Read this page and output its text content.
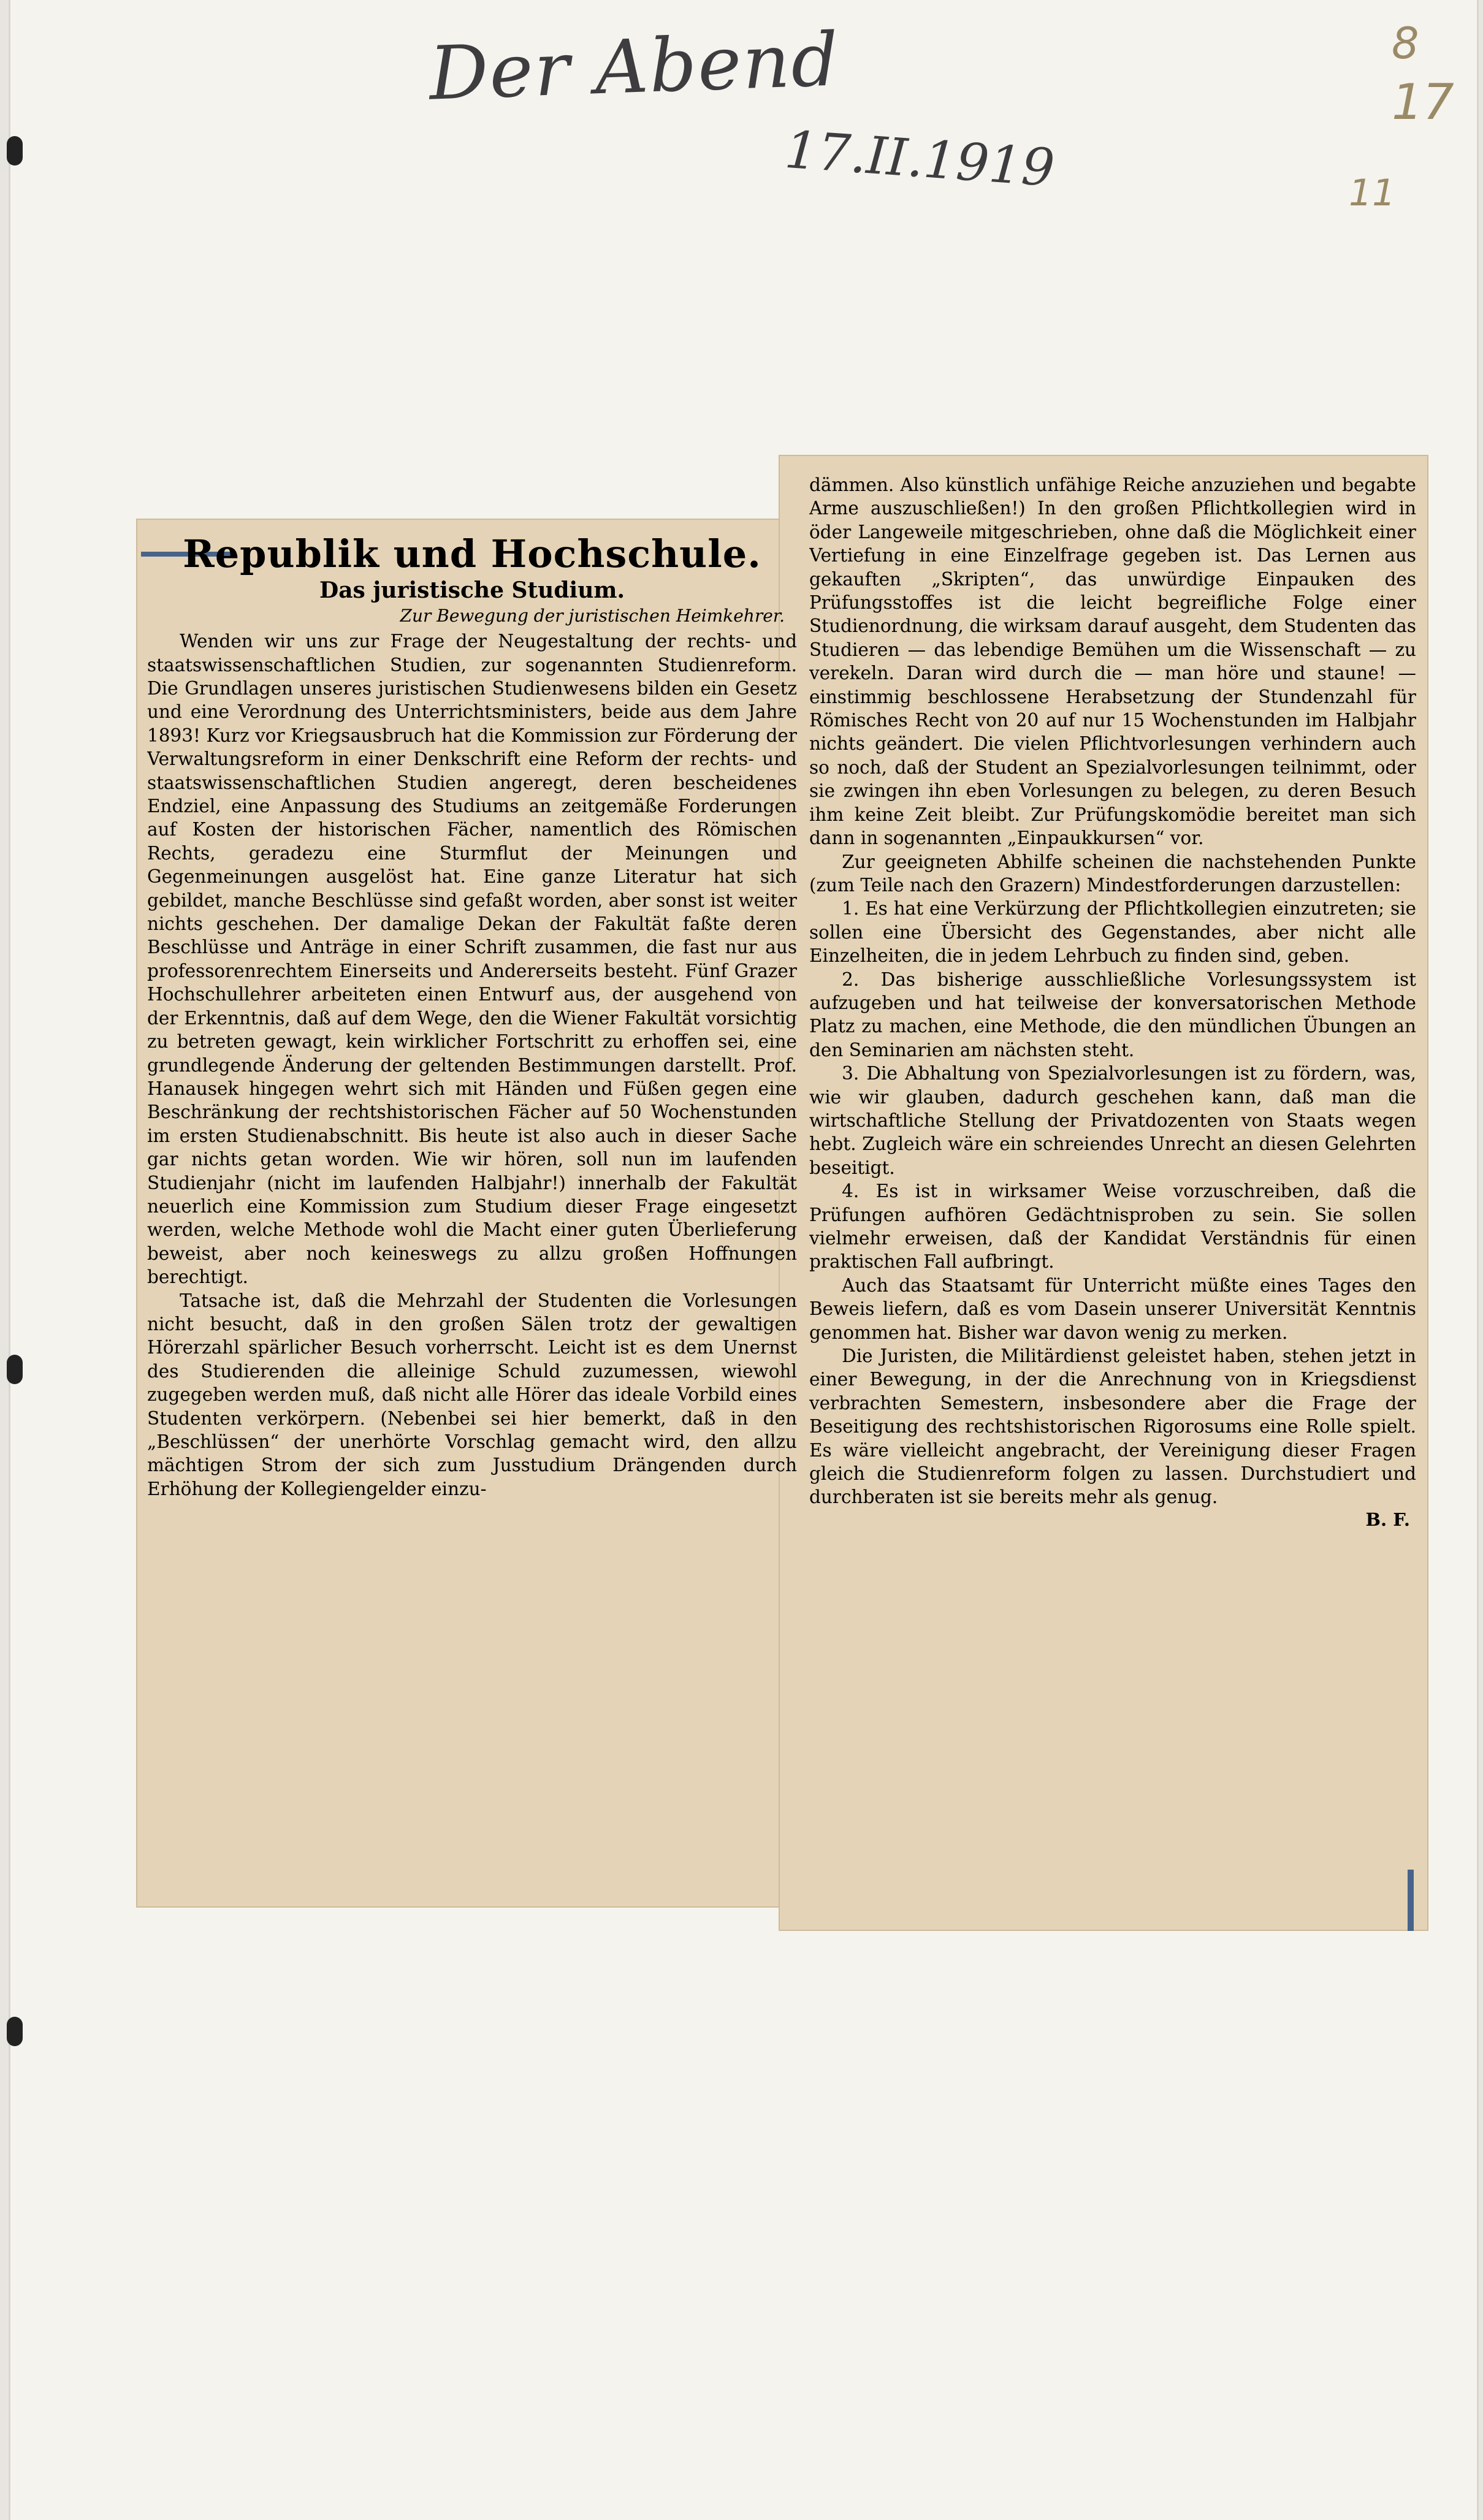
Der Abend
17.II.1919
8
17
11
Republik und Hochschule.
Das juristische Studium.
Zur Bewegung der juristischen Heimkehrer.

Wenden wir uns zur Frage der Neugestaltung der rechts- und staatswissenschaftlichen Studien, zur sogenannten Studienreform. Die Grundlagen unseres juristischen Studienwesens bilden ein Gesetz und eine Verordnung des Unterrichtsministers, beide aus dem Jahre 1893! Kurz vor Kriegsausbruch hat die Kommission zur Förderung der Verwaltungsreform in einer Denkschrift eine Reform der rechts- und staatswissenschaftlichen Studien angeregt, deren bescheidenes Endziel, eine Anpassung des Studiums an zeitgemäße Forderungen auf Kosten der historischen Fächer, namentlich des Römischen Rechts, geradezu eine Sturmflut der Meinungen und Gegenmeinungen ausgelöst hat. Eine ganze Literatur hat sich gebildet, manche Beschlüsse sind gefaßt worden, aber sonst ist weiter nichts geschehen. Der damalige Dekan der Fakultät faßte deren Beschlüsse und Anträge in einer Schrift zusammen, die fast nur aus professorenrechtem Einerseits und Andererseits besteht. Fünf Grazer Hochschullehrer arbeiteten einen Entwurf aus, der ausgehend von der Erkenntnis, daß auf dem Wege, den die Wiener Fakultät vorsichtig zu betreten gewagt, kein wirklicher Fortschritt zu erhoffen sei, eine grundlegende Änderung der geltenden Bestimmungen darstellt. Prof. Hanausek hingegen wehrt sich mit Händen und Füßen gegen eine Beschränkung der rechtshistorischen Fächer auf 50 Wochenstunden im ersten Studienabschnitt. Bis heute ist also auch in dieser Sache gar nichts getan worden. Wie wir hören, soll nun im laufenden Studienjahr (nicht im laufenden Halbjahr!) innerhalb der Fakultät neuerlich eine Kommission zum Studium dieser Frage eingesetzt werden, welche Methode wohl die Macht einer guten Überlieferung beweist, aber noch keineswegs zu allzu großen Hoffnungen berechtigt.

Tatsache ist, daß die Mehrzahl der Studenten die Vorlesungen nicht besucht, daß in den großen Sälen trotz der gewaltigen Hörerzahl spärlicher Besuch vorherrscht. Leicht ist es dem Unernst des Studierenden die alleinige Schuld zuzumessen, wiewohl zugegeben werden muß, daß nicht alle Hörer das ideale Vorbild eines Studenten verkörpern. (Nebenbei sei hier bemerkt, daß in den „Beschlüssen“ der unerhörte Vorschlag gemacht wird, den allzu mächtigen Strom der sich zum Jusstudium Drängenden durch Erhöhung der Kollegiengelder einzu-

dämmen. Also künstlich unfähige Reiche anzuziehen und begabte Arme auszuschließen!) In den großen Pflichtkollegien wird in öder Langeweile mitgeschrieben, ohne daß die Möglichkeit einer Vertiefung in eine Einzelfrage gegeben ist. Das Lernen aus gekauften „Skripten“, das unwürdige Einpauken des Prüfungsstoffes ist die leicht begreifliche Folge einer Studienordnung, die wirksam darauf ausgeht, dem Studenten das Studieren — das lebendige Bemühen um die Wissenschaft — zu verekeln. Daran wird durch die — man höre und staune! — einstimmig beschlossene Herabsetzung der Stundenzahl für Römisches Recht von 20 auf nur 15 Wochenstunden im Halbjahr nichts geändert. Die vielen Pflichtvorlesungen verhindern auch so noch, daß der Student an Spezialvorlesungen teilnimmt, oder sie zwingen ihn eben Vorlesungen zu belegen, zu deren Besuch ihm keine Zeit bleibt. Zur Prüfungskomödie bereitet man sich dann in sogenannten „Einpaukkursen“ vor.

Zur geeigneten Abhilfe scheinen die nachstehenden Punkte (zum Teile nach den Grazern) Mindestforderungen darzustellen:

1. Es hat eine Verkürzung der Pflichtkollegien einzutreten; sie sollen eine Übersicht des Gegenstandes, aber nicht alle Einzelheiten, die in jedem Lehrbuch zu finden sind, geben.

2. Das bisherige ausschließliche Vorlesungssystem ist aufzugeben und hat teilweise der konversatorischen Methode Platz zu machen, eine Methode, die den mündlichen Übungen an den Seminarien am nächsten steht.

3. Die Abhaltung von Spezialvorlesungen ist zu fördern, was, wie wir glauben, dadurch geschehen kann, daß man die wirtschaftliche Stellung der Privatdozenten von Staats wegen hebt. Zugleich wäre ein schreiendes Unrecht an diesen Gelehrten beseitigt.

4. Es ist in wirksamer Weise vorzuschreiben, daß die Prüfungen aufhören Gedächtnisproben zu sein. Sie sollen vielmehr erweisen, daß der Kandidat Verständnis für einen praktischen Fall aufbringt.

Auch das Staatsamt für Unterricht müßte eines Tages den Beweis liefern, daß es vom Dasein unserer Universität Kenntnis genommen hat. Bisher war davon wenig zu merken.

Die Juristen, die Militärdienst geleistet haben, stehen jetzt in einer Bewegung, in der die Anrechnung von in Kriegsdienst verbrachten Semestern, insbesondere aber die Frage der Beseitigung des rechtshistorischen Rigorosums eine Rolle spielt. Es wäre vielleicht angebracht, der Vereinigung dieser Fragen gleich die Studienreform folgen zu lassen. Durchstudiert und durchberaten ist sie bereits mehr als genug.

B. F.
